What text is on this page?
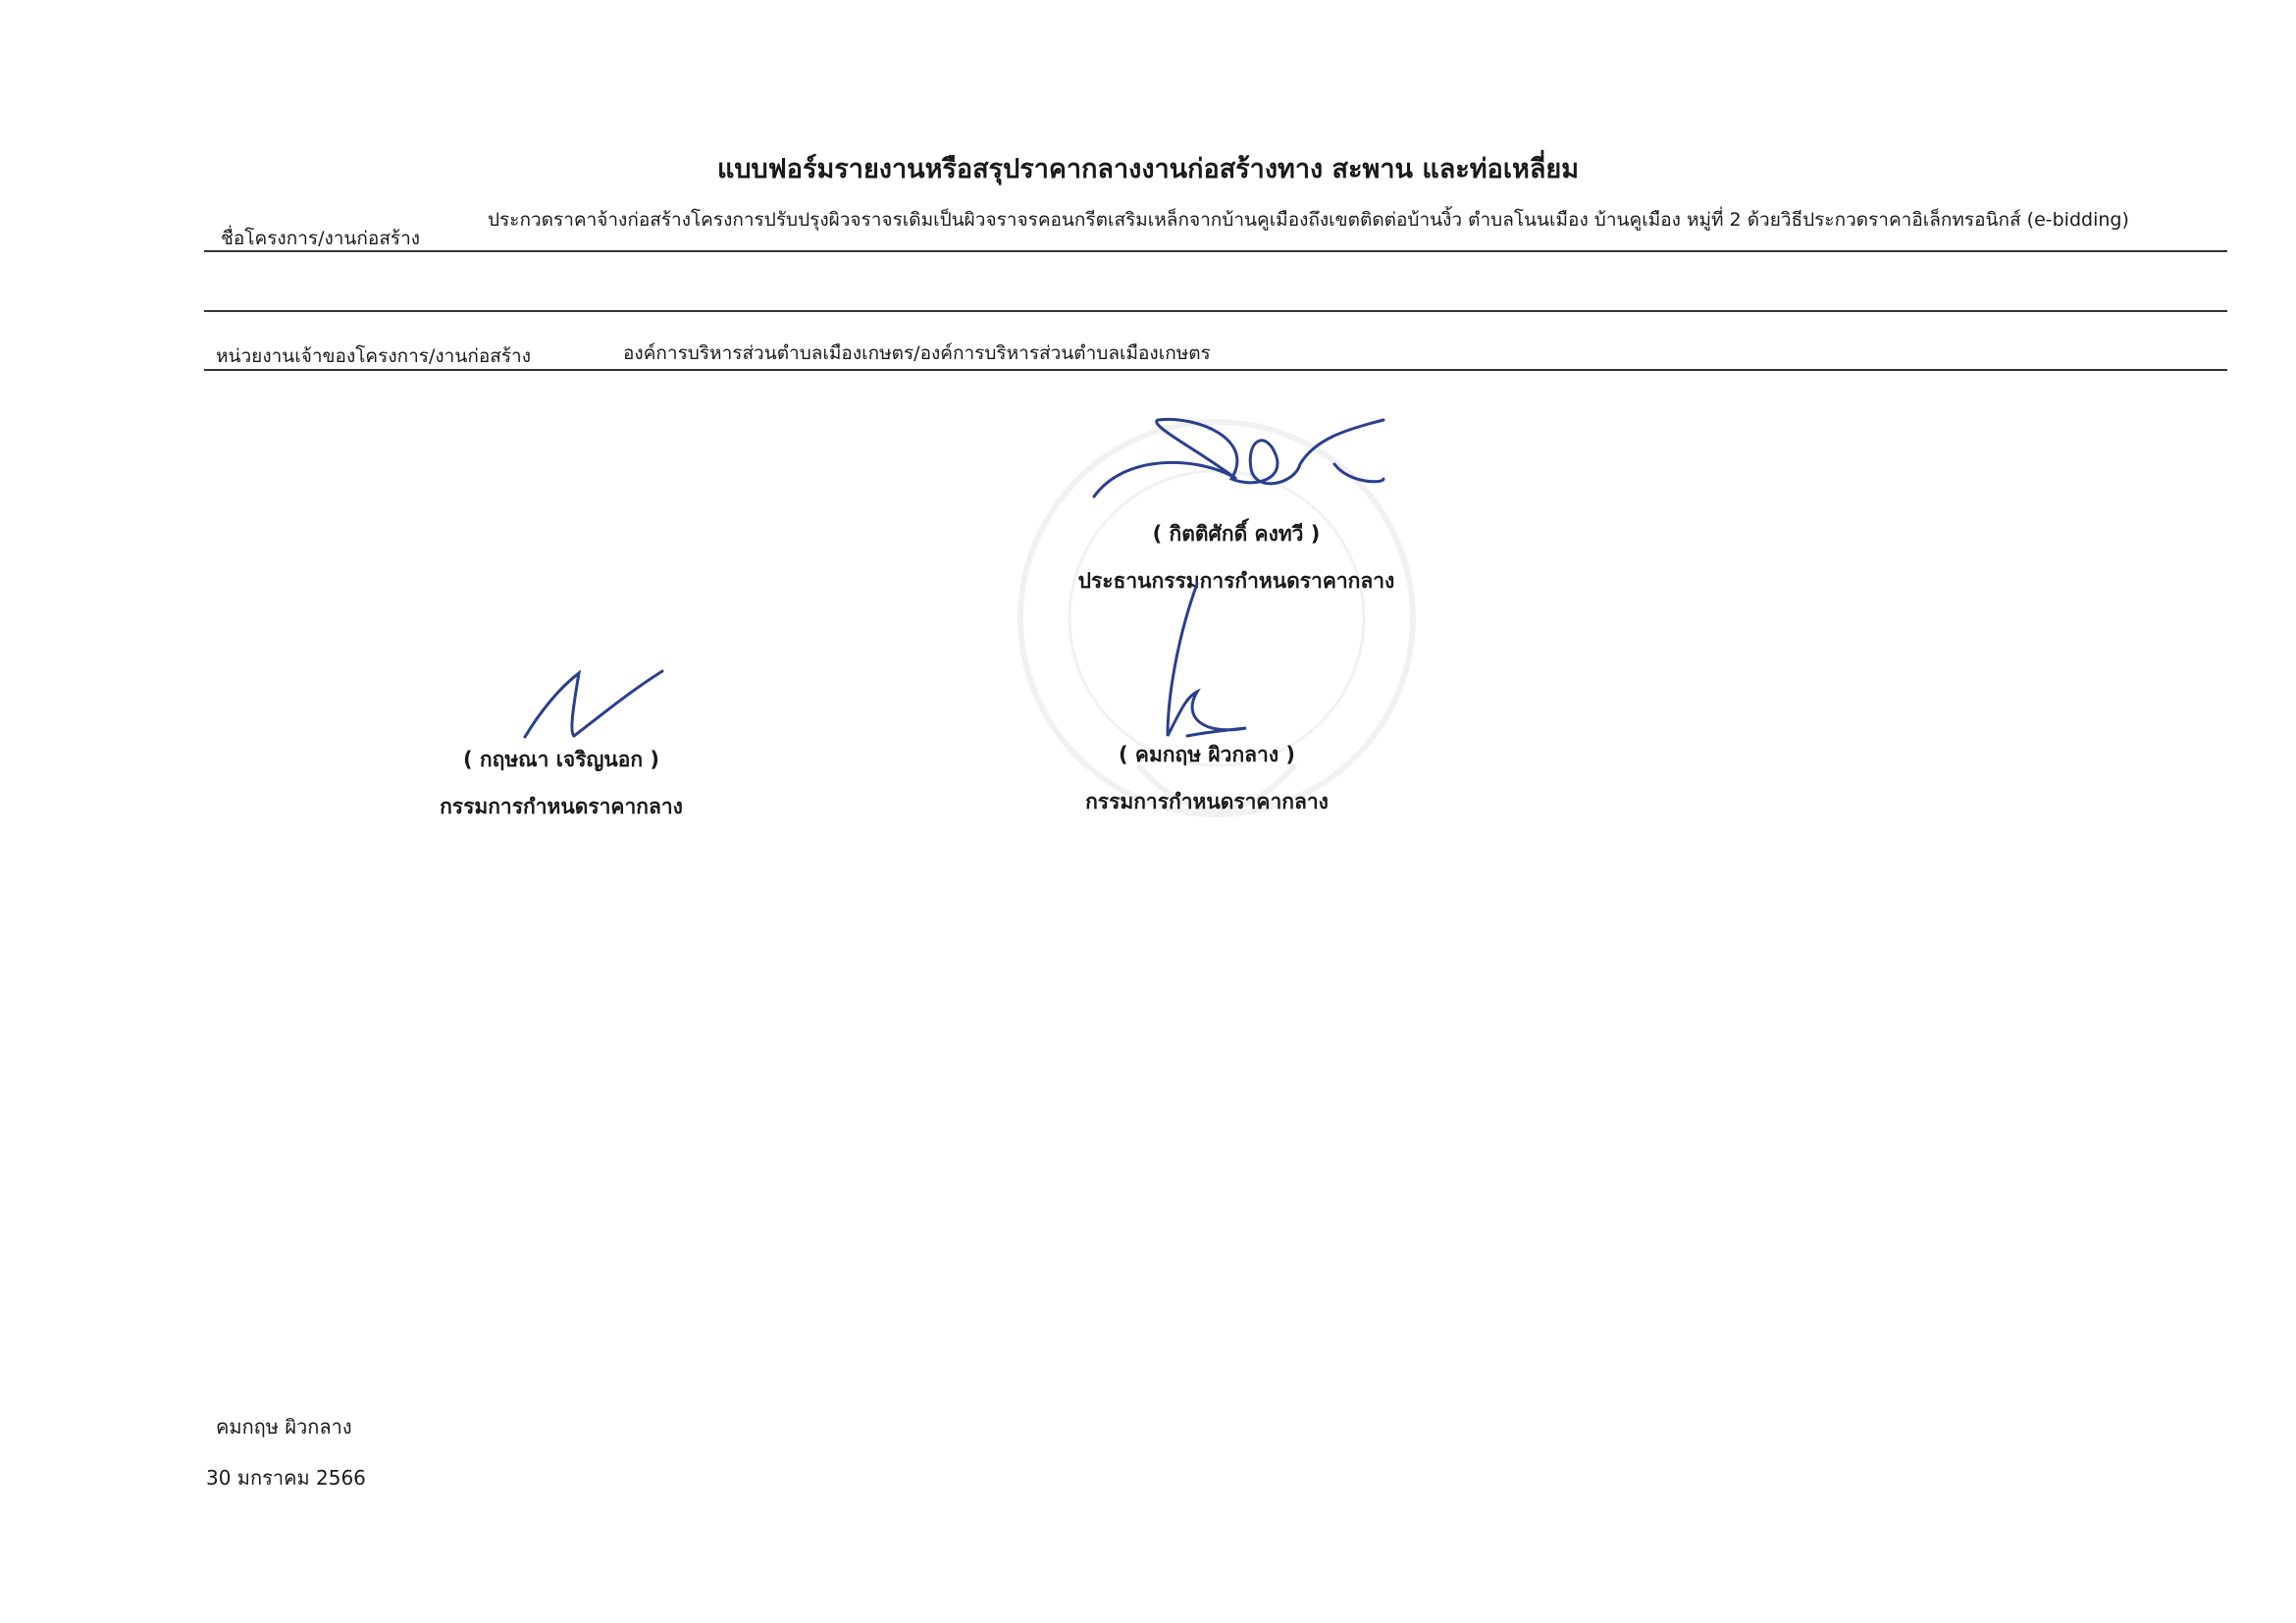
แบบฟอร์มรายงานหรือสรุปราคากลางงานก่อสร้างทาง สะพาน และท่อเหลี่ยม
ชื่อโครงการ/งานก่อสร้าง
ประกวดราคาจ้างก่อสร้างโครงการปรับปรุงผิวจราจรเดิมเป็นผิวจราจรคอนกรีตเสริมเหล็กจากบ้านคูเมืองถึงเขตติดต่อบ้านงิ้ว ตำบลโนนเมือง บ้านคูเมือง หมู่ที่ 2 ด้วยวิธีประกวดราคาอิเล็กทรอนิกส์ (e-bidding)
หน่วยงานเจ้าของโครงการ/งานก่อสร้าง	องค์การบริหารส่วนตำบลเมืองเกษตร/องค์การบริหารส่วนตำบลเมืองเกษตร
( กิตติศักดิ์ คงทวี )
ประธานกรรมการกำหนดราคากลาง
( กฤษณา เจริญนอก )
กรรมการกำหนดราคากลาง
( คมกฤษ ผิวกลาง )
กรรมการกำหนดราคากลาง
คมกฤษ ผิวกลาง
30 มกราคม 2566
